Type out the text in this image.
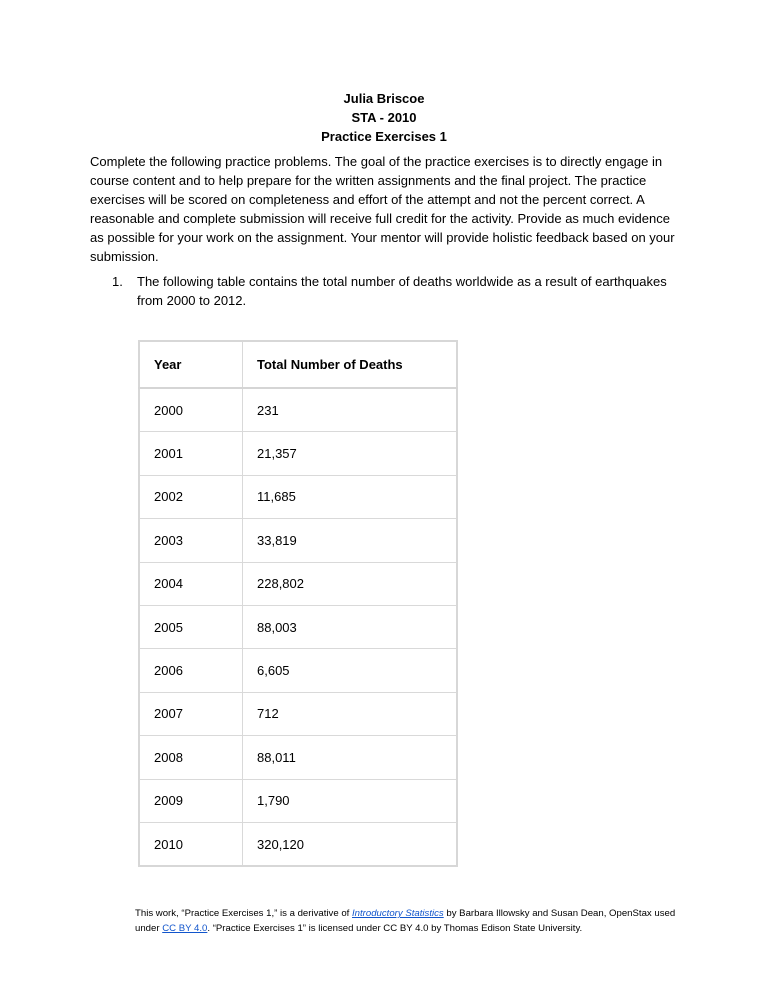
Julia Briscoe
STA - 2010
Practice Exercises 1

Complete the following practice problems. The goal of the practice exercises is to directly engage in course content and to help prepare for the written assignments and the final project. The practice exercises will be scored on completeness and effort of the attempt and not the percent correct. A reasonable and complete submission will receive full credit for the activity. Provide as much evidence as possible for your work on the assignment. Your mentor will provide holistic feedback based on your submission.

1.	The following table contains the total number of deaths worldwide as a result of earthquakes from 2000 to 2012.
Year	Total Number of Deaths
2000	231
2001	21,357
2002	11,685
2003	33,819
2004	228,802
2005	88,003
2006	6,605
2007	712
2008	88,011
2009	1,790
2010	320,120
This work, “Practice Exercises 1,” is a derivative of Introductory Statistics by Barbara Illowsky and Susan Dean, OpenStax used under CC BY 4.0. “Practice Exercises 1” is licensed under CC BY 4.0 by Thomas Edison State University.
